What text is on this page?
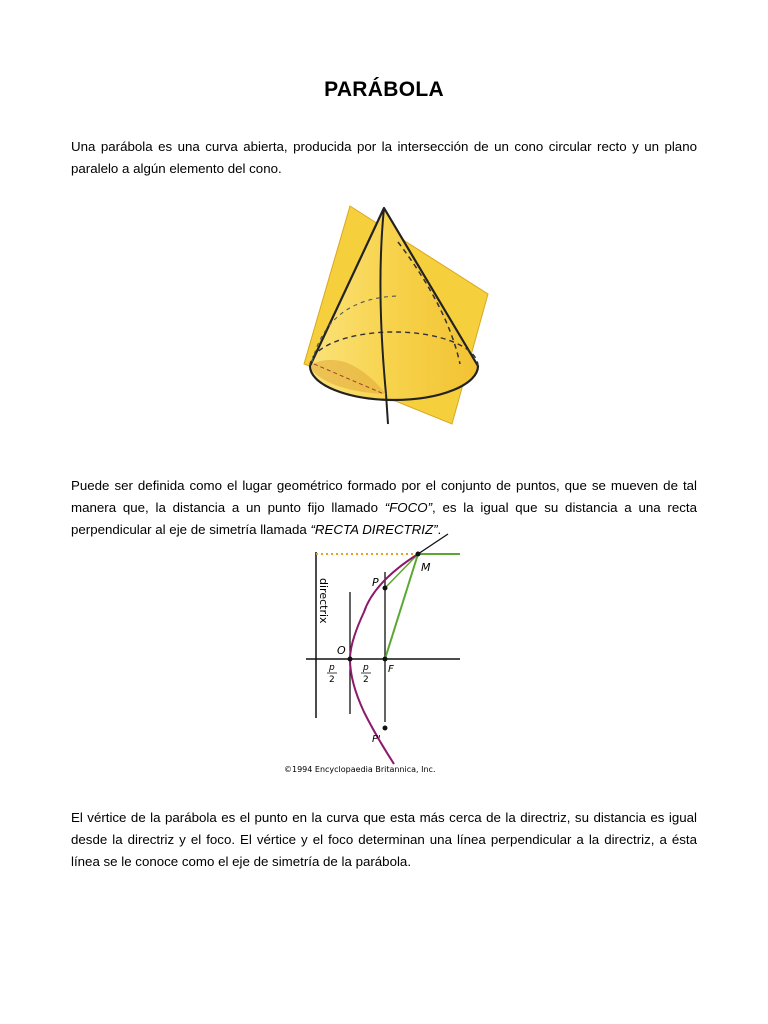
PARÁBOLA

Una parábola es una curva abierta, producida por la intersección de un cono circular recto y un plano paralelo a algún elemento del cono.

Puede ser definida como el lugar geométrico formado por el conjunto de puntos, que se mueven de tal manera que, la distancia a un punto fijo llamado “FOCO”, es la igual que su distancia a una recta perpendicular al eje de simetría llamada “RECTA DIRECTRIZ”.

directrix
M
P
O
F
P'
p
2
p
2
©1994 Encyclopaedia Britannica, Inc.

El vértice de la parábola es el punto en la curva que esta más cerca de la directriz, su distancia es igual desde la directriz y el foco. El vértice y el foco determinan una línea perpendicular a la directriz, a ésta línea se le conoce como el eje de simetría de la parábola.
